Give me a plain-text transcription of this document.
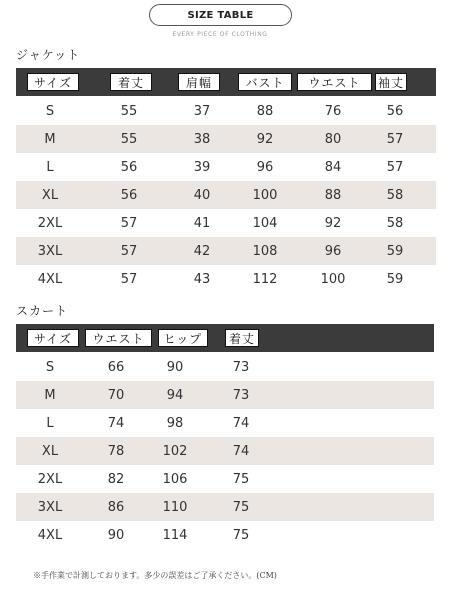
SIZE TABLE
EVERY PIECE OF CLOTHING
ジャケット
サイズ	着丈	肩幅	バスト	ウエスト	袖丈
S	55	37	88	76	56
M	55	38	92	80	57
L	56	39	96	84	57
XL	56	40	100	88	58
2XL	57	41	104	92	58
3XL	57	42	108	96	59
4XL	57	43	112	100	59
スカート
サイズ	ウエスト	ヒップ	着丈
S	66	90	73
M	70	94	73
L	74	98	74
XL	78	102	74
2XL	82	106	75
3XL	86	110	75
4XL	90	114	75
※手作業で計測しております。多少の誤差はご了承ください。(CM)
